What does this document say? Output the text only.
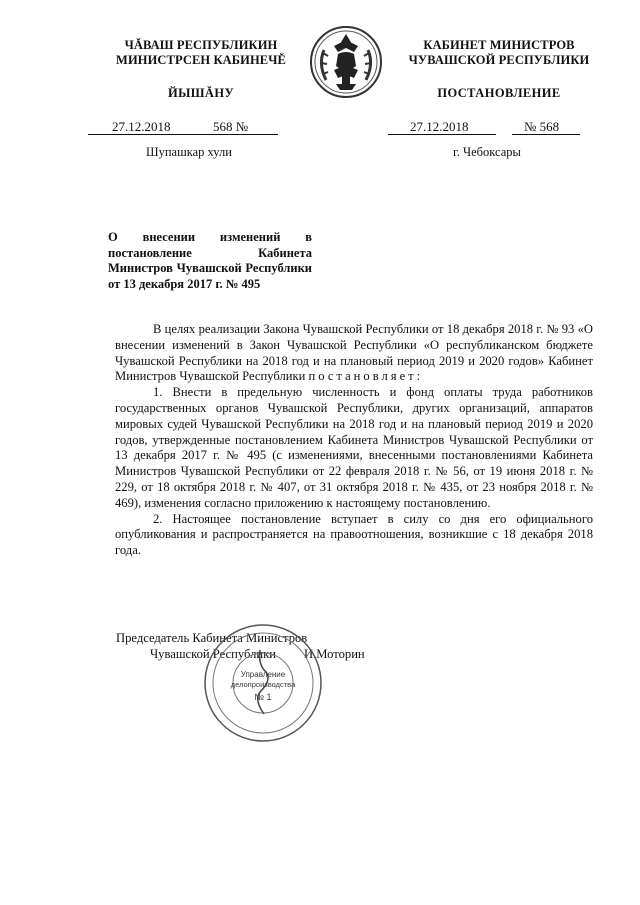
ЧĂВАШ РЕСПУБЛИКИН
МИНИСТРСЕН КАБИНЕЧĔ
ЙЫШĂНУ
КАБИНЕТ МИНИСТРОВ
ЧУВАШСКОЙ РЕСПУБЛИКИ
ПОСТАНОВЛЕНИЕ
27.12.2018	568 №	27.12.2018	№ 568
Шупашкар хули	г. Чебоксары
О внесении изменений в постановление Кабинета Министров Чувашской Республики от 13 декабря 2017 г. № 495

В целях реализации Закона Чувашской Республики от 18 декабря 2018 г. № 93 «О внесении изменений в Закон Чувашской Республики «О республиканском бюджете Чувашской Республики на 2018 год и на плановый период 2019 и 2020 годов» Кабинет Министров Чувашской Республики постановляет:

1. Внести в предельную численность и фонд оплаты труда работников государственных органов Чувашской Республики, других организаций, аппаратов мировых судей Чувашской Республики на 2018 год и на плановый период 2019 и 2020 годов, утвержденные постановлением Кабинета Министров Чувашской Республики от 13 декабря 2017 г. № 495 (с изменениями, внесенными постановлениями Кабинета Министров Чувашской Республики от 22 февраля 2018 г. № 56, от 19 июня 2018 г. № 229, от 18 октября 2018 г. № 407, от 31 октября 2018 г. № 435, от 23 ноября 2018 г. № 469), изменения согласно приложению к настоящему постановлению.

2. Настоящее постановление вступает в силу со дня его официального опубликования и распространяется на правоотношения, возникшие с 18 декабря 2018 года.

Председатель Кабинета Министров
Чувашской Республики И.Моторин
Управление
делопроизводства
№ 1
